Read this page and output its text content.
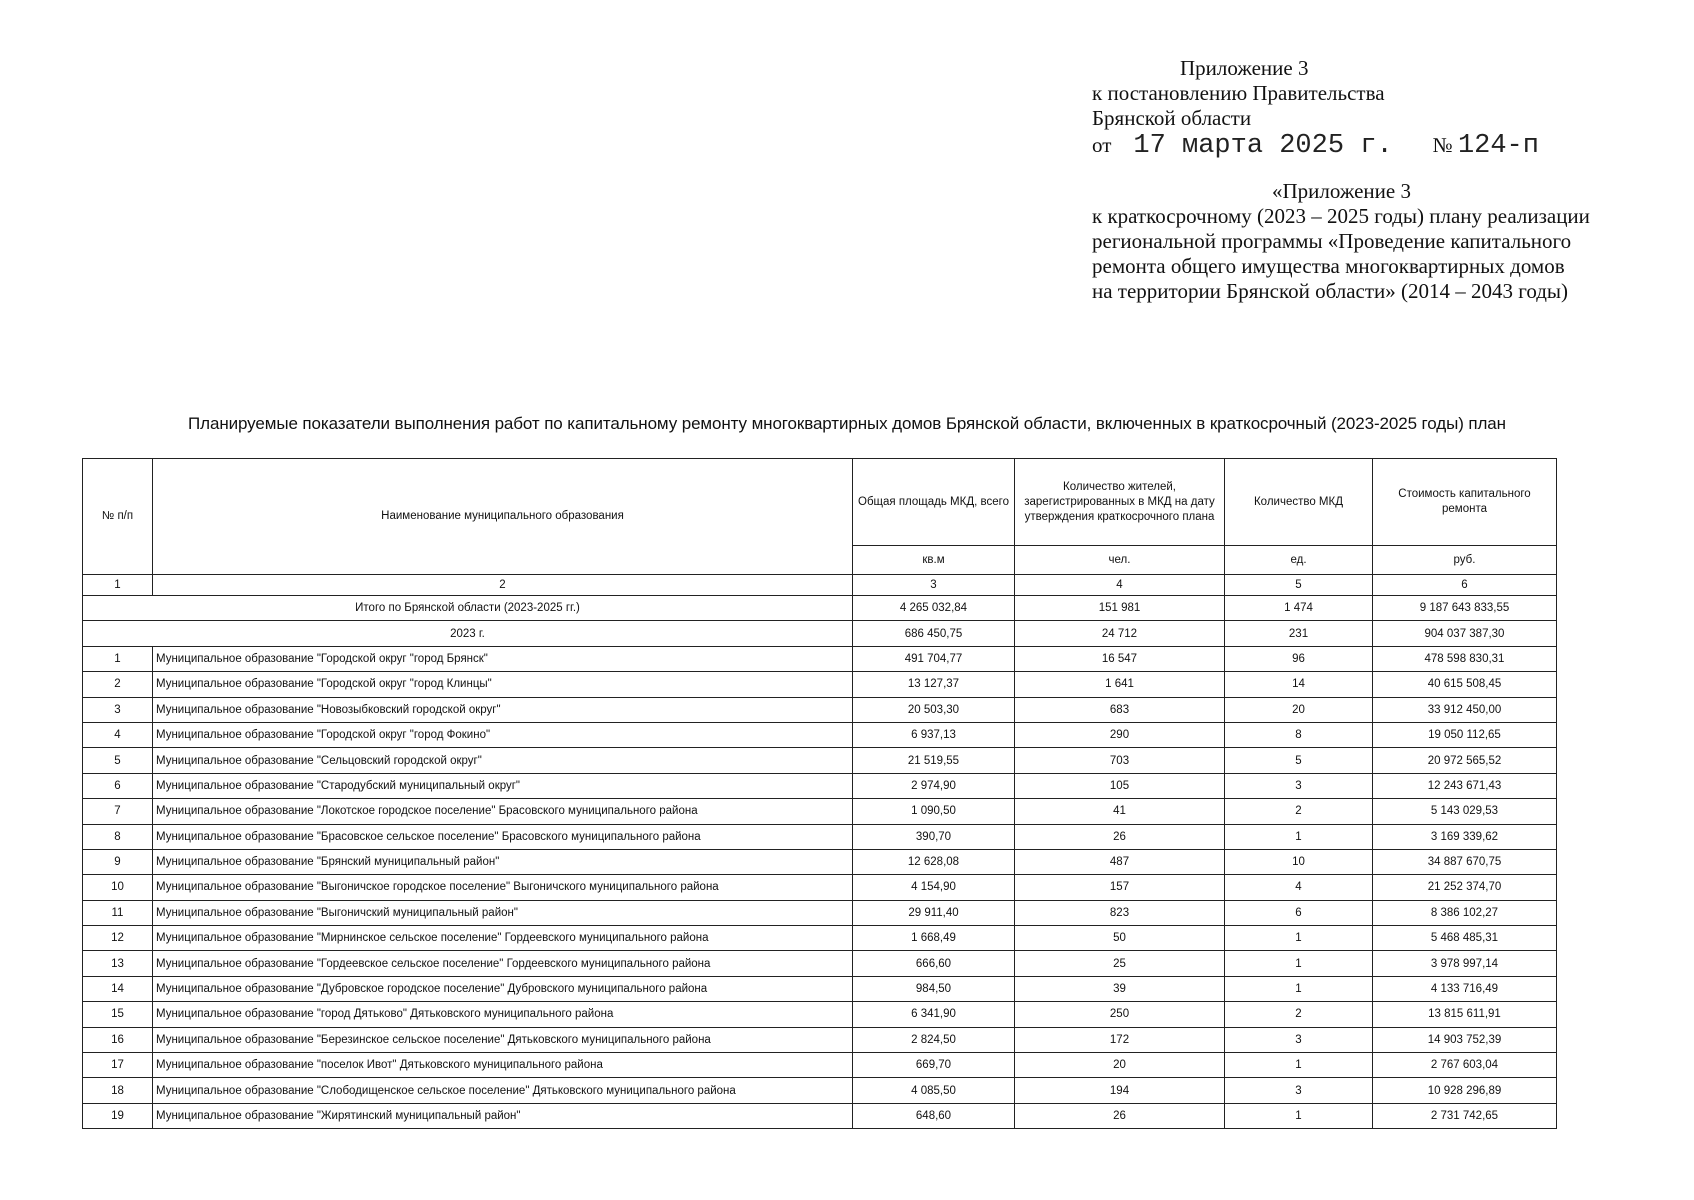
Приложение 3
к постановлению Правительства
Брянской области
от 17 марта 2025 г. № 124-п
«Приложение 3
к краткосрочному (2023 – 2025 годы) плану реализации
региональной программы «Проведение капитального
ремонта общего имущества многоквартирных домов
на территории Брянской области» (2014 – 2043 годы)
Планируемые показатели выполнения работ по капитальному ремонту многоквартирных домов Брянской области, включенных в краткосрочный (2023-2025 годы) план
№ п/п	Наименование муниципального образования	Общая площадь МКД, всего	Количество жителей, зарегистрированных в МКД на дату утверждения краткосрочного плана	Количество МКД	Стоимость капитального ремонта
		кв.м	чел.	ед.	руб.
1	2	3	4	5	6
Итого по Брянской области (2023-2025 гг.)		4 265 032,84	151 981	1 474	9 187 643 833,55
2023 г.		686 450,75	24 712	231	904 037 387,30
1	Муниципальное образование "Городской округ "город Брянск"	491 704,77	16 547	96	478 598 830,31
2	Муниципальное образование "Городской округ "город Клинцы"	13 127,37	1 641	14	40 615 508,45
3	Муниципальное образование "Новозыбковский городской округ"	20 503,30	683	20	33 912 450,00
4	Муниципальное образование "Городской округ "город Фокино"	6 937,13	290	8	19 050 112,65
5	Муниципальное образование "Сельцовский городской округ"	21 519,55	703	5	20 972 565,52
6	Муниципальное образование "Стародубский муниципальный округ"	2 974,90	105	3	12 243 671,43
7	Муниципальное образование "Локотское городское поселение" Брасовского муниципального района	1 090,50	41	2	5 143 029,53
8	Муниципальное образование "Брасовское сельское поселение" Брасовского муниципального района	390,70	26	1	3 169 339,62
9	Муниципальное образование "Брянский муниципальный район"	12 628,08	487	10	34 887 670,75
10	Муниципальное образование "Выгоничское городское поселение" Выгоничского муниципального района	4 154,90	157	4	21 252 374,70
11	Муниципальное образование "Выгоничский муниципальный район"	29 911,40	823	6	8 386 102,27
12	Муниципальное образование "Мирнинское сельское поселение" Гордеевского муниципального района	1 668,49	50	1	5 468 485,31
13	Муниципальное образование "Гордеевское сельское поселение" Гордеевского муниципального района	666,60	25	1	3 978 997,14
14	Муниципальное образование "Дубровское городское поселение" Дубровского муниципального района	984,50	39	1	4 133 716,49
15	Муниципальное образование "город Дятьково" Дятьковского муниципального района	6 341,90	250	2	13 815 611,91
16	Муниципальное образование "Березинское сельское поселение" Дятьковского муниципального района	2 824,50	172	3	14 903 752,39
17	Муниципальное образование "поселок Ивот" Дятьковского муниципального района	669,70	20	1	2 767 603,04
18	Муниципальное образование "Слободищенское сельское поселение" Дятьковского муниципального района	4 085,50	194	3	10 928 296,89
19	Муниципальное образование "Жирятинский муниципальный район"	648,60	26	1	2 731 742,65
